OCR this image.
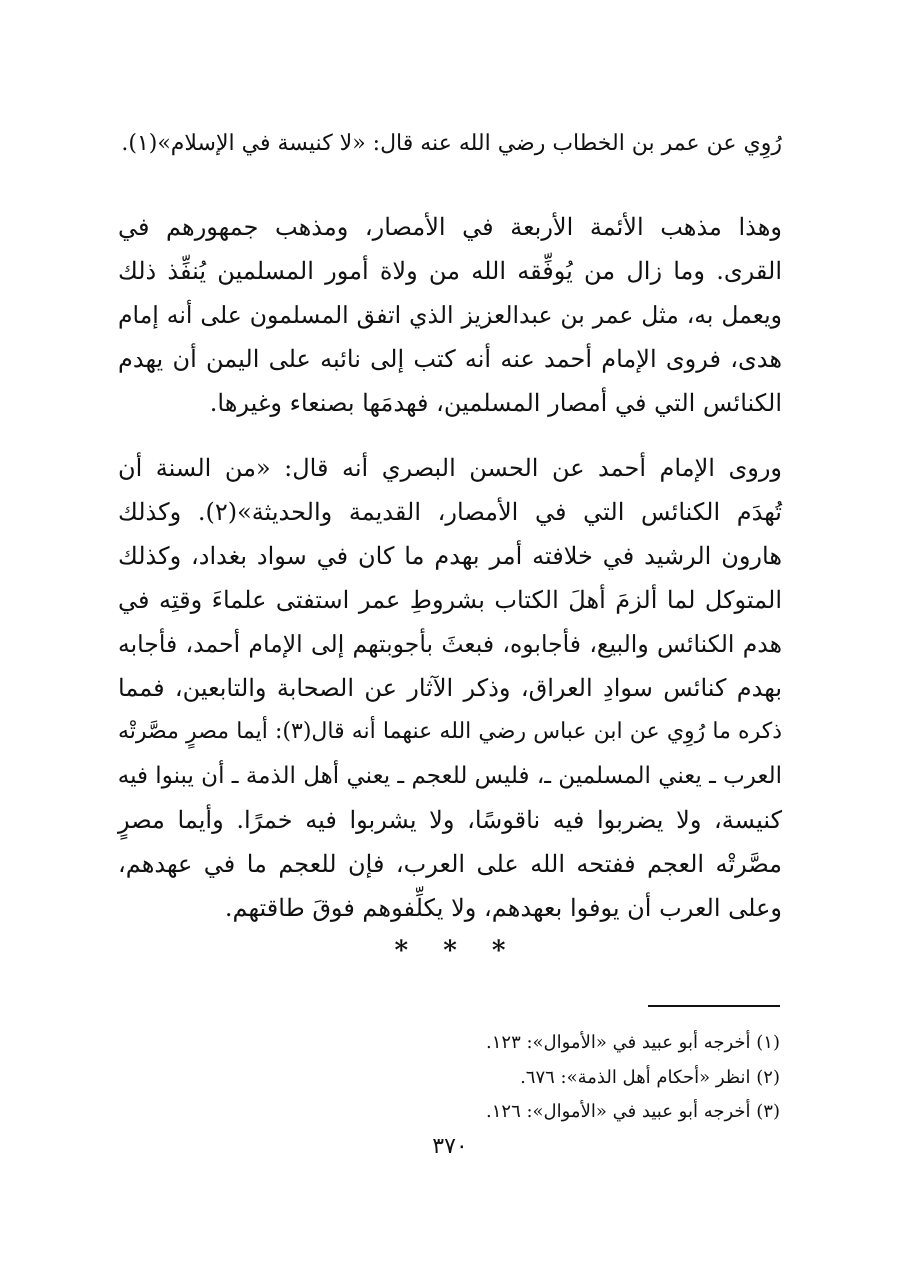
رُوِي عن عمر بن الخطاب رضي الله عنه قال: «لا كنيسة في الإسلام»(١).
وهذا مذهب الأئمة الأربعة في الأمصار، ومذهب جمهورهم في
القرى. وما زال من يُوفِّقه الله من ولاة أمور المسلمين يُنفِّذ ذلك
ويعمل به، مثل عمر بن عبدالعزيز الذي اتفق المسلمون على أنه إمام
هدى، فروى الإمام أحمد عنه أنه كتب إلى نائبه على اليمن أن يهدم
الكنائس التي في أمصار المسلمين، فهدمَها بصنعاء وغيرها.
وروى الإمام أحمد عن الحسن البصري أنه قال: «من السنة أن
تُهدَم الكنائس التي في الأمصار، القديمة والحديثة»(٢). وكذلك
هارون الرشيد في خلافته أمر بهدم ما كان في سواد بغداد، وكذلك
المتوكل لما ألزمَ أهلَ الكتاب بشروطِ عمر استفتى علماءَ وقتِه في
هدم الكنائس والبيع، فأجابوه، فبعثَ بأجوبتهم إلى الإمام أحمد، فأجابه
بهدم كنائس سوادِ العراق، وذكر الآثار عن الصحابة والتابعين، فمما
ذكره ما رُوِي عن ابن عباس رضي الله عنهما أنه قال(٣): أيما مصرٍ مصَّرتْه
العرب ـ يعني المسلمين ـ، فليس للعجم ـ يعني أهل الذمة ـ أن يبنوا فيه
كنيسة، ولا يضربوا فيه ناقوسًا، ولا يشربوا فيه خمرًا. وأيما مصرٍ
مصَّرتْه العجم ففتحه الله على العرب، فإن للعجم ما في عهدهم،
وعلى العرب أن يوفوا بعهدهم، ولا يكلِّفوهم فوقَ طاقتهم.
* * *
(١) أخرجه أبو عبيد في «الأموال»: ١٢٣.
(٢) انظر «أحكام أهل الذمة»: ٦٧٦.
(٣) أخرجه أبو عبيد في «الأموال»: ١٢٦.
٣٧٠
